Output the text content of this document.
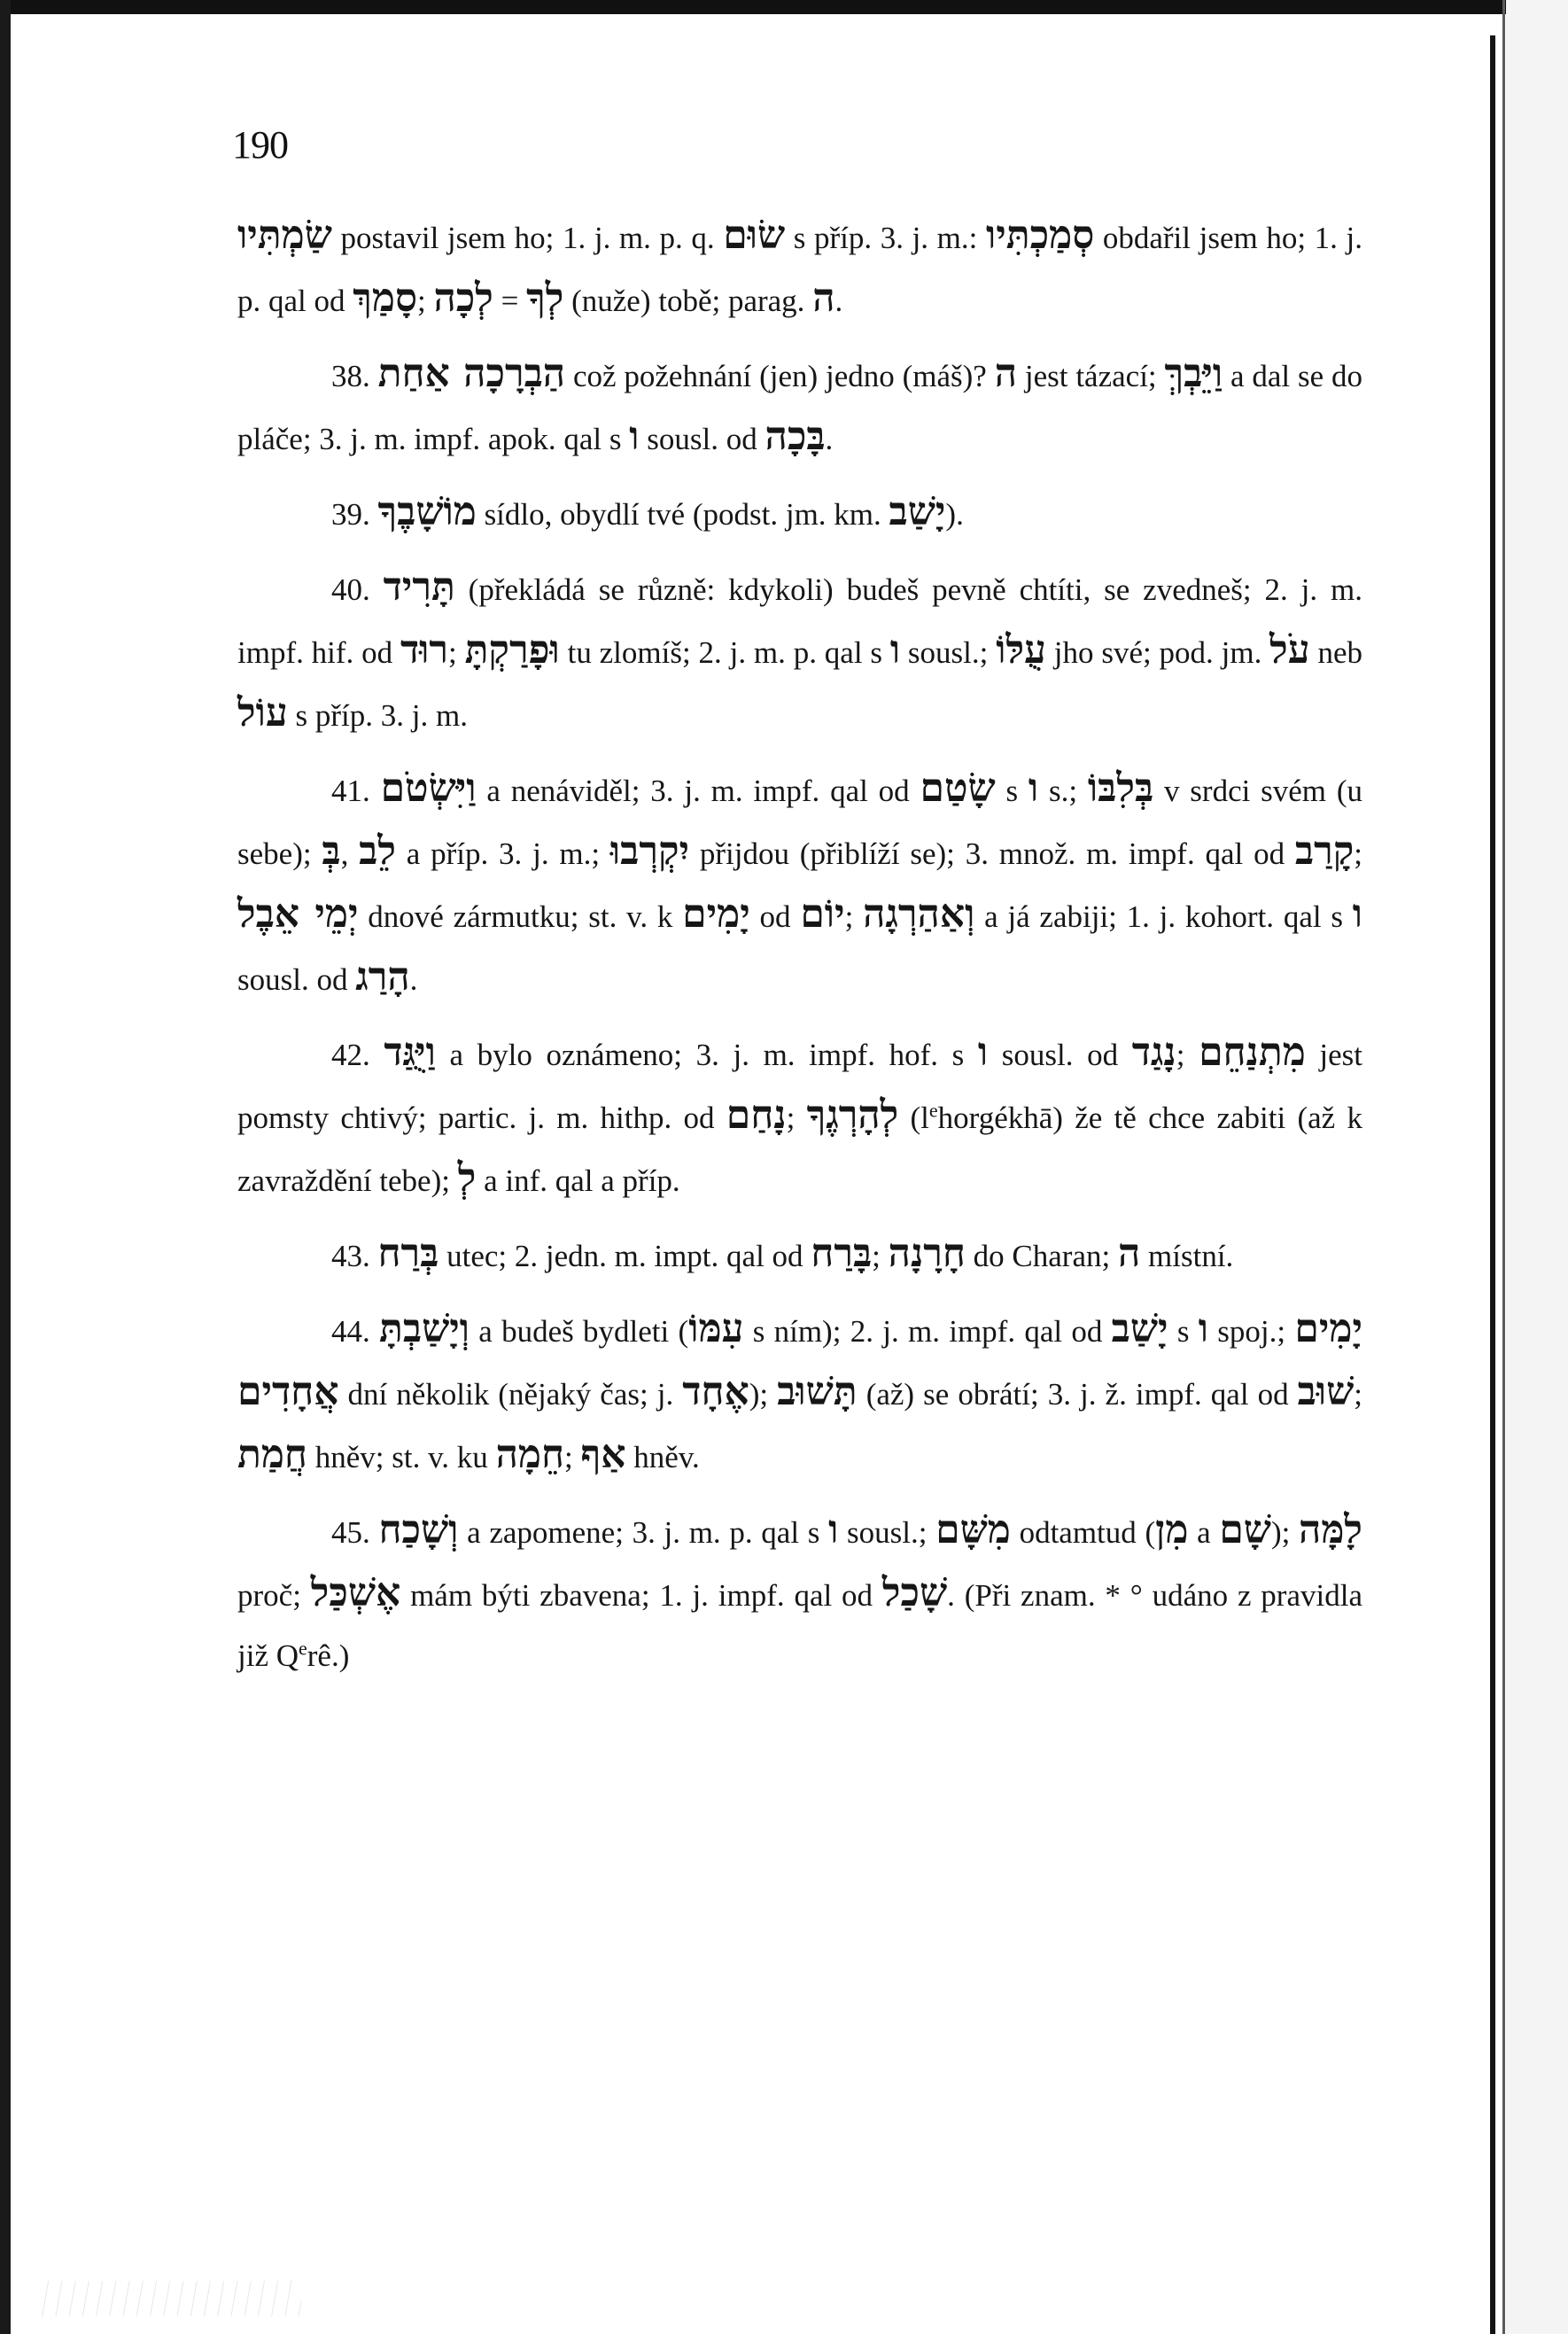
190

שַׂמְתִּיו postavil jsem ho; 1. j. m. p. q. שׂוּם s příp. 3. j. m.: סְמַכְתִּיו obdařil jsem ho; 1. j. p. qal od סָמַךְ; לְכָה = לְךָ (nuže) tobě; parag. ה.

38. הַבְרָכָה אַחַת což požehnání (jen) jedno (máš)? ה jest tázací; וַיֵּבְךְּ a dal se do pláče; 3. j. m. impf. apok. qal s ו sousl. od בָּכָה.

39. מוֹשָׁבֶךָ sídlo, obydlí tvé (podst. jm. km. יָשַׁב).

40. תָּרִיד (překládá se různě: kdykoli) budeš pevně chtíti, se zvedneš; 2. j. m. impf. hif. od רוּד; וּפָרַקְתָּ tu zlomíš; 2. j. m. p. qal s ו sousl.; עֻלּוֹ jho své; pod. jm. עֹל neb עוֹל s příp. 3. j. m.

41. וַיִּשְׂטֹם a nenáviděl; 3. j. m. impf. qal od שָׂטַם s ו s.; בְּלִבּוֹ v srdci svém (u sebe); בְּ, לֵב a příp. 3. j. m.; יִקְרְבוּ přijdou (přiblíží se); 3. množ. m. impf. qal od קָרַב; יְמֵי אֵבֶל dnové zármutku; st. v. k יָמִים od יוֹם; וְאַהַרְגָה a já zabiji; 1. j. kohort. qal s ו sousl. od הָרַג.

42. וַיֻּגַּד a bylo oznámeno; 3. j. m. impf. hof. s ו sousl. od נָגַד; מִתְנַחֵם jest pomsty chtivý; partic. j. m. hithp. od נָחַם; לְהָרְגֶךָ $(l^ehorgékhā)$ že tě chce zabiti (až k zavraždění tebe); לְ a inf. qal a příp.

43. בְּרַח utec; 2. jedn. m. impt. qal od בָּרַח; חָרָנָה do Charan; ה místní.

44. וְיָשַׁבְתָּ a budeš bydleti (עִמּוֹ s ním); 2. j. m. impf. qal od יָשַׁב s ו spoj.; יָמִים אֲחָדִים dní několik (nějaký čas; j. אֶחָד); תָּשׁוּב (až) se obrátí; 3. j. ž. impf. qal od שׁוּב; חֲמַת hněv; st. v. ku חֵמָה; אַף hněv.

45. וְשָׁכַח a zapomene; 3. j. m. p. qal s ו sousl.; מִשָּׁם odtamtud (מִן a שָׁם); לָמָּה proč; אֶשְׁכַּל mám býti zbavena; 1. j. impf. qal od שָׁכַל. (Při znam. * ° udáno z pravidla již $Q^erê$.)
